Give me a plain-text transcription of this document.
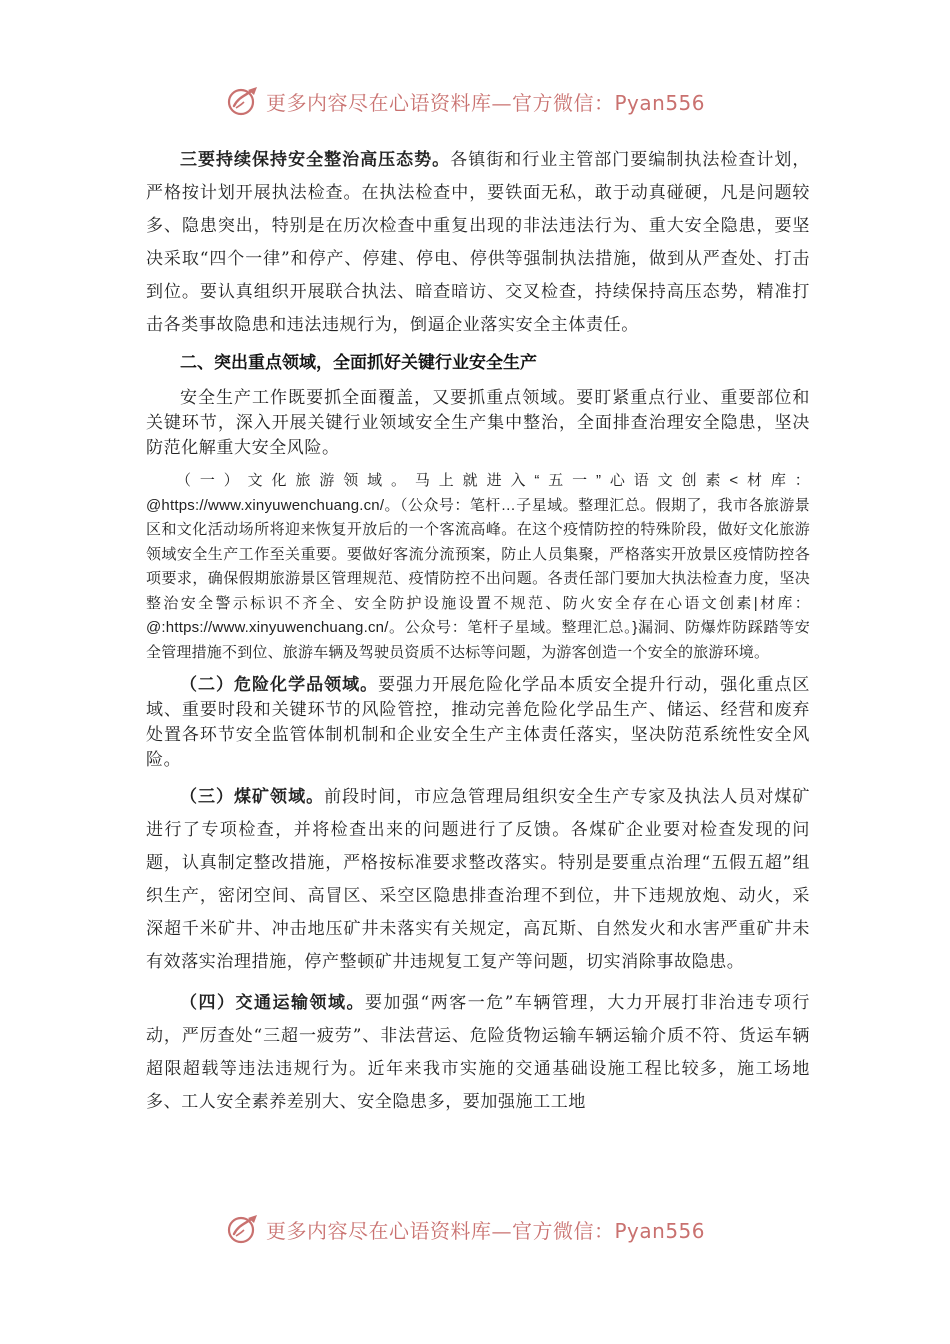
更多内容尽在心语资料库—官方微信：Pyan556

三要持续保持安全整治高压态势。各镇街和行业主管部门要编制执法检查计划，严格按计划开展执法检查。在执法检查中，要铁面无私，敢于动真碰硬，凡是问题较多、隐患突出，特别是在历次检查中重复出现的非法违法行为、重大安全隐患，要坚决采取“四个一律”和停产、停建、停电、停供等强制执法措施，做到从严查处、打击到位。要认真组织开展联合执法、暗查暗访、交叉检查，持续保持高压态势，精准打击各类事故隐患和违法违规行为，倒逼企业落实安全主体责任。

二、突出重点领域，全面抓好关键行业安全生产

安全生产工作既要抓全面覆盖，又要抓重点领域。要盯紧重点行业、重要部位和关键环节，深入开展关键行业领域安全生产集中整治，全面排查治理安全隐患，坚决防范化解重大安全风险。

（一）文化旅游领域。马上就进入“五一”心语文创素<材库：@https://www.xinyuwenchuang.cn/。（公众号：笔杆…子星域。整理汇总。假期了，我市各旅游景区和文化活动场所将迎来恢复开放后的一个客流高峰。在这个疫情防控的特殊阶段，做好文化旅游领域安全生产工作至关重要。要做好客流分流预案，防止人员集聚，严格落实开放景区疫情防控各项要求，确保假期旅游景区管理规范、疫情防控不出问题。各责任部门要加大执法检查力度，坚决整治安全警示标识不齐全、安全防护设施设置不规范、防火安全存在心语文创素|材库：@:https://www.xinyuwenchuang.cn/。公众号：笔杆子星域。整理汇总。}漏洞、防爆炸防踩踏等安全管理措施不到位、旅游车辆及驾驶员资质不达标等问题，为游客创造一个安全的旅游环境。

（二）危险化学品领域。要强力开展危险化学品本质安全提升行动，强化重点区域、重要时段和关键环节的风险管控，推动完善危险化学品生产、储运、经营和废弃处置各环节安全监管体制机制和企业安全生产主体责任落实，坚决防范系统性安全风险。

（三）煤矿领域。前段时间，市应急管理局组织安全生产专家及执法人员对煤矿进行了专项检查，并将检查出来的问题进行了反馈。各煤矿企业要对检查发现的问题，认真制定整改措施，严格按标准要求整改落实。特别是要重点治理“五假五超”组织生产，密闭空间、高冒区、采空区隐患排查治理不到位，井下违规放炮、动火，采深超千米矿井、冲击地压矿井未落实有关规定，高瓦斯、自然发火和水害严重矿井未有效落实治理措施，停产整顿矿井违规复工复产等问题，切实消除事故隐患。

（四）交通运输领域。要加强“两客一危”车辆管理，大力开展打非治违专项行动，严厉查处“三超一疲劳”、非法营运、危险货物运输车辆运输介质不符、货运车辆超限超载等违法违规行为。近年来我市实施的交通基础设施工程比较多，施工场地多、工人安全素养差别大、安全隐患多，要加强施工工地

更多内容尽在心语资料库—官方微信：Pyan556
